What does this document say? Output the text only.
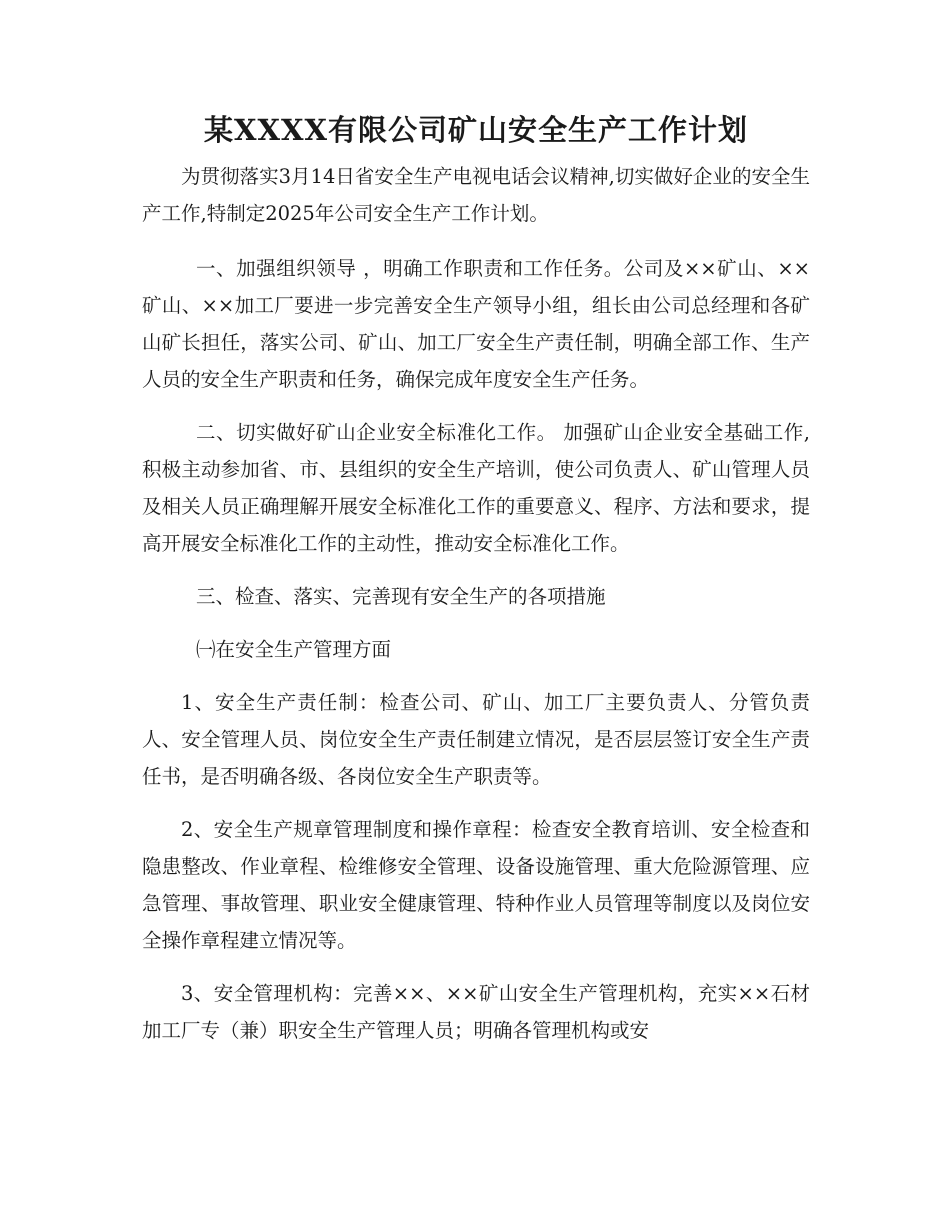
某XXXX有限公司矿山安全生产工作计划

为贯彻落实3月14日省安全生产电视电话会议精神,切实做好企业的安全生产工作,特制定2025年公司安全生产工作计划。

一、加强组织领导 ，明确工作职责和工作任务。公司及××矿山、××矿山、××加工厂要进一步完善安全生产领导小组，组长由公司总经理和各矿山矿长担任，落实公司、矿山、加工厂安全生产责任制，明确全部工作、生产人员的安全生产职责和任务，确保完成年度安全生产任务。

二、切实做好矿山企业安全标准化工作。 加强矿山企业安全基础工作,积极主动参加省、市、县组织的安全生产培训，使公司负责人、矿山管理人员及相关人员正确理解开展安全标准化工作的重要意义、程序、方法和要求，提高开展安全标准化工作的主动性，推动安全标准化工作。

三、检查、落实、完善现有安全生产的各项措施

㈠在安全生产管理方面

1、安全生产责任制：检查公司、矿山、加工厂主要负责人、分管负责人、安全管理人员、岗位安全生产责任制建立情况，是否层层签订安全生产责任书，是否明确各级、各岗位安全生产职责等。

2、安全生产规章管理制度和操作章程：检查安全教育培训、安全检查和隐患整改、作业章程、检维修安全管理、设备设施管理、重大危险源管理、应急管理、事故管理、职业安全健康管理、特种作业人员管理等制度以及岗位安全操作章程建立情况等。

3、安全管理机构：完善××、××矿山安全生产管理机构，充实××石材加工厂专（兼）职安全生产管理人员；明确各管理机构或安
